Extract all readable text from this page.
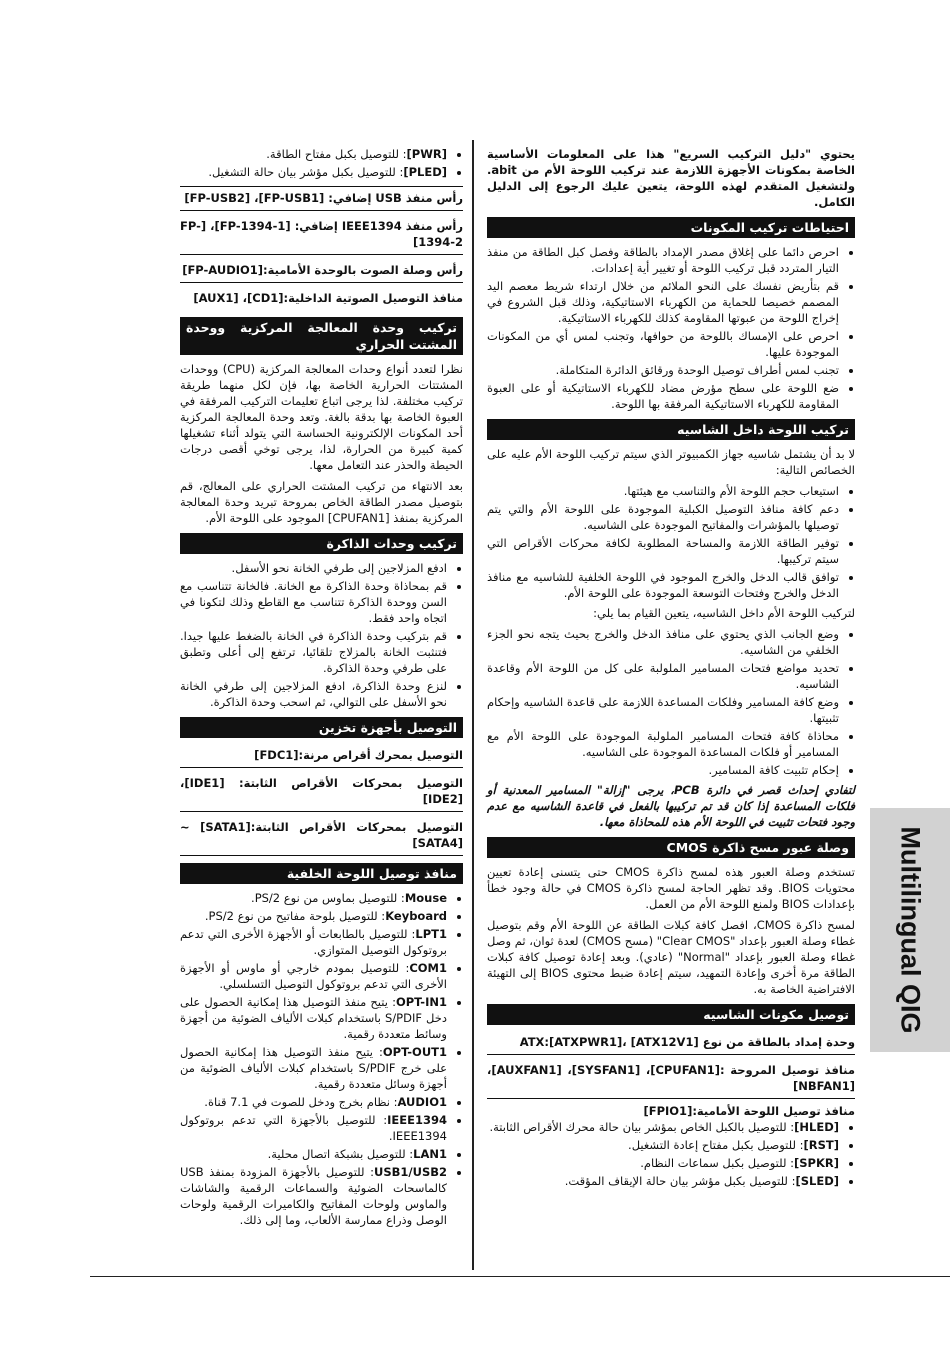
يحتوي "دليل التركيب السريع" هذا على المعلومات الأساسية الخاصة بمكونات الأجهزة اللازمة عند تركيب اللوحة الأم من abit. ولتشغيل المتقدم لهذه اللوحة، يتعين عليك الرجوع إلى الدليل الكامل.
احتياطات تركيب المكونات
• احرص دائما على إغلاق مصدر الإمداد بالطاقة وفصل كبل الطاقة من منفذ التيار المتردد قبل تركيب اللوحة أو تغيير أية إعدادات.
• قم بتأريض نفسك على النحو الملائم من خلال ارتداء شريط معصم اليد المصمم خصيصا للحماية من الكهرباء الاستاتيكية، وذلك قبل الشروع في إخراج اللوحة من عبوتها المقاومة كذلك للكهرباء الاستاتيكية.
• احرص على الإمساك باللوحة من حوافها، وتجنب لمس أي من المكونات الموجودة عليها.
• تجنب لمس أطراف توصيل الوحدة ورقائق الدائرة المتكاملة.
• ضع اللوحة على سطح مؤرض مضاد للكهرباء الاستاتيكية أو على العبوة المقاومة للكهرباء الاستاتيكية المرفقة بها اللوحة.
تركيب اللوحة داخل الشاسيه

لا بد أن يشتمل شاسيه جهاز الكمبيوتر الذي سيتم تركيب اللوحة الأم عليه على الخصائص التالية:

• استيعاب حجم اللوحة الأم والتناسب مع هيئتها.
• دعم كافة منافذ التوصيل الكبلية الموجودة على اللوحة الأم والتي يتم توصيلها بالمؤشرات والمفاتيح الموجودة على الشاسيه.
• توفير الطاقة اللازمة والمساحة المطلوبة لكافة محركات الأقراص التي سيتم تركيبها.
• توافق قالب الدخل والخرج الموجود في اللوحة الخلفية للشاسيه مع منافذ الدخل والخرج وفتحات التوسعة الموجودة على اللوحة الأم.

لتركيب اللوحة الأم داخل الشاسيه، يتعين القيام بما يلي:

• وضع الجانب الذي يحتوي على منافذ الدخل والخرج بحيث يتجه نحو الجزء الخلفي من الشاسيه.
• تحديد مواضع فتحات المسامير الملولبة على كل من اللوحة الأم وقاعدة الشاسيه.
• وضع كافة المسامير وفلكات المساعدة اللازمة على قاعدة الشاسيه وإحكام تثبيتها.
• محاذاة كافة فتحات المسامير الملولبة الموجودة على اللوحة الأم مع المسامير أو فلكات المساعدة الموجودة على الشاسيه.
• إحكام تثبيت كافة المسامير.
لتفادي إحداث قصر في دائرة PCB، يرجى "إزالة" المسامير المعدنية أو فلكات المساعدة إذا كان قد تم تركيبها بالفعل في قاعدة الشاسيه مع عدم وجود فتحات تثبيت في اللوحة الأم هذه للمحاذاة معها.
وصلة عبور مسح ذاكرة CMOS

تستخدم وصلة العبور هذه لمسح ذاكرة CMOS حتى يتسنى إعادة تعيين محتويات BIOS. وقد تظهر الحاجة لمسح ذاكرة CMOS في حالة وجود خطأ بإعدادات BIOS ولمنع اللوحة الأم من العمل.

لمسح ذاكرة CMOS، افصل كافة كبلات الطاقة عن اللوحة الأم وقم بتوصيل غطاء وصلة العبور بإعداد "Clear CMOS" (مسح CMOS) لعدة ثوان، ثم وصل غطاء وصلة العبور بإعداد "Normal" (عادي). وبعد إعادة توصيل كافة كبلات الطاقة مرة أخرى وإعادة التمهيد، سيتم إعادة ضبط محتوى BIOS إلى التهيئة الافتراضية الخاصة به.

توصيل مكونات الشاسيه
وحدة إمداد بالطاقة من نوع ATX:[ATXPWR1]، [ATX12V1]
منافذ توصيل المروحة :[CPUFAN1]، [SYSFAN1]، [AUXFAN1]، [NBFAN1]
منافذ توصيل اللوحة الأمامية:[FPIO1]
• [HLED]: للتوصيل بالكبل الخاص بمؤشر بيان حالة محرك الأقراص الثابتة.
• [RST]: للتوصيل بكبل مفتاح إعادة التشغيل.
• [SPKR]: للتوصيل بكبل سماعات النظام.
• [SLED]: للتوصيل بكبل مؤشر بيان حالة الإيقاف المؤقت.
• [PWR]: للتوصيل بكبل مفتاح الطاقة.
• [PLED]: للتوصيل بكبل مؤشر بيان حالة التشغيل.
رأس منفذ USB إضافي: [FP-USB1]، [FP-USB2]
رأس منفذ IEEE1394 إضافي: [FP-1394-1]، [FP-1394-2]
رأس وصلة الصوت بالوحدة الأمامية:[FP-AUDIO1]
منافذ التوصيل الصوتية الداخلية:[CD1]، [AUX1]
تركيب وحدة المعالجة المركزية ووحدة المشتت الحراري

نظرا لتعدد أنواع وحدات المعالجة المركزية (CPU) ووحدات المشتتات الحرارية الخاصة بها، فإن لكل منهما طريقة تركيب مختلفة. لذا يرجى اتباع تعليمات التركيب المرفقة في العبوة الخاصة بها بدقة بالغة. وتعد وحدة المعالجة المركزية أحد المكونات الإلكترونية الحساسة التي يتولد أثناء تشغيلها كمية كبيرة من الحرارة، لذا، يرجى توخي أقصى درجات الحيطة والحذر عند التعامل معها.

بعد الانتهاء من تركيب المشتت الحراري على المعالج، قم بتوصيل مصدر الطاقة الخاص بمروحة تبريد وحدة المعالجة المركزية بمنفذ [CPUFAN1] الموجود على اللوحة الأم.

تركيب وحدات الذاكرة
• ادفع المزلاجين إلى طرفي الخانة نحو الأسفل.
• قم بمحاذاة وحدة الذاكرة مع الخانة. فالخانة تتناسب مع السن ووحدة الذاكرة تتناسب مع القاطع وذلك لتكونا في اتجاه واحد فقط.
• قم بتركيب وحدة الذاكرة في الخانة بالضغط عليها جيدا. فتنثبت الخانة بالمزلاج تلقائيا، ترتفع إلى أعلى وتطبق على طرفي وحدة الذاكرة.
• لنزع وحدة الذاكرة، ادفع المزلاجين إلى طرفي الخانة نحو الأسفل على التوالي، ثم اسحب وحدة الذاكرة.
التوصيل بأجهزة تخزين
التوصيل بمحرك أقراص مرنة:[FDC1]
التوصيل بمحركات الأقراص الثابتة: [IDE1]، [IDE2]
التوصيل بمحركات الأقراص الثابتة:[SATA1] ~ [SATA4]
منافذ توصيل اللوحة الخلفية
• Mouse: للتوصيل بماوس من نوع PS/2.
• Keyboard: للتوصيل بلوحة مفاتيح من نوع PS/2.
• LPT1: للتوصيل بالطابعات أو الأجهزة الأخرى التي تدعم بروتوكول التوصيل المتوازي.
• COM1: للتوصيل بمودم خارجي أو ماوس أو الأجهزة الأخرى التي تدعم بروتوكول التوصيل التسلسلي.
• OPT-IN1: يتيح منفذ التوصيل هذا إمكانية الحصول على دخل S/PDIF باستخدام كبلات الألياف الضوئية من أجهزة وسائط متعددة رقمية.
• OPT-OUT1: يتيح منفذ التوصيل هذا إمكانية الحصول على خرج S/PDIF باستخدام كبلات الألياف الضوئية من أجهزة وسائل متعددة رقمية.
• AUDIO1: نظام بخرج ودخل للصوت في 7.1 قناة.
• IEEE1394: للتوصيل بالأجهزة التي تدعم بروتوكول IEEE1394.
• LAN1: للتوصيل بشبكة اتصال محلية.
• USB1/USB2: للتوصيل بالأجهزة المزودة بمنفذ USB كالماسحات الضوئية والسماعات الرقمية والشاشات والماوس ولوحات المفاتيح والكاميرات الرقمية ولوحات الوصل وذراع ممارسة الألعاب، وما إلى ذلك.
Multilingual QIG
